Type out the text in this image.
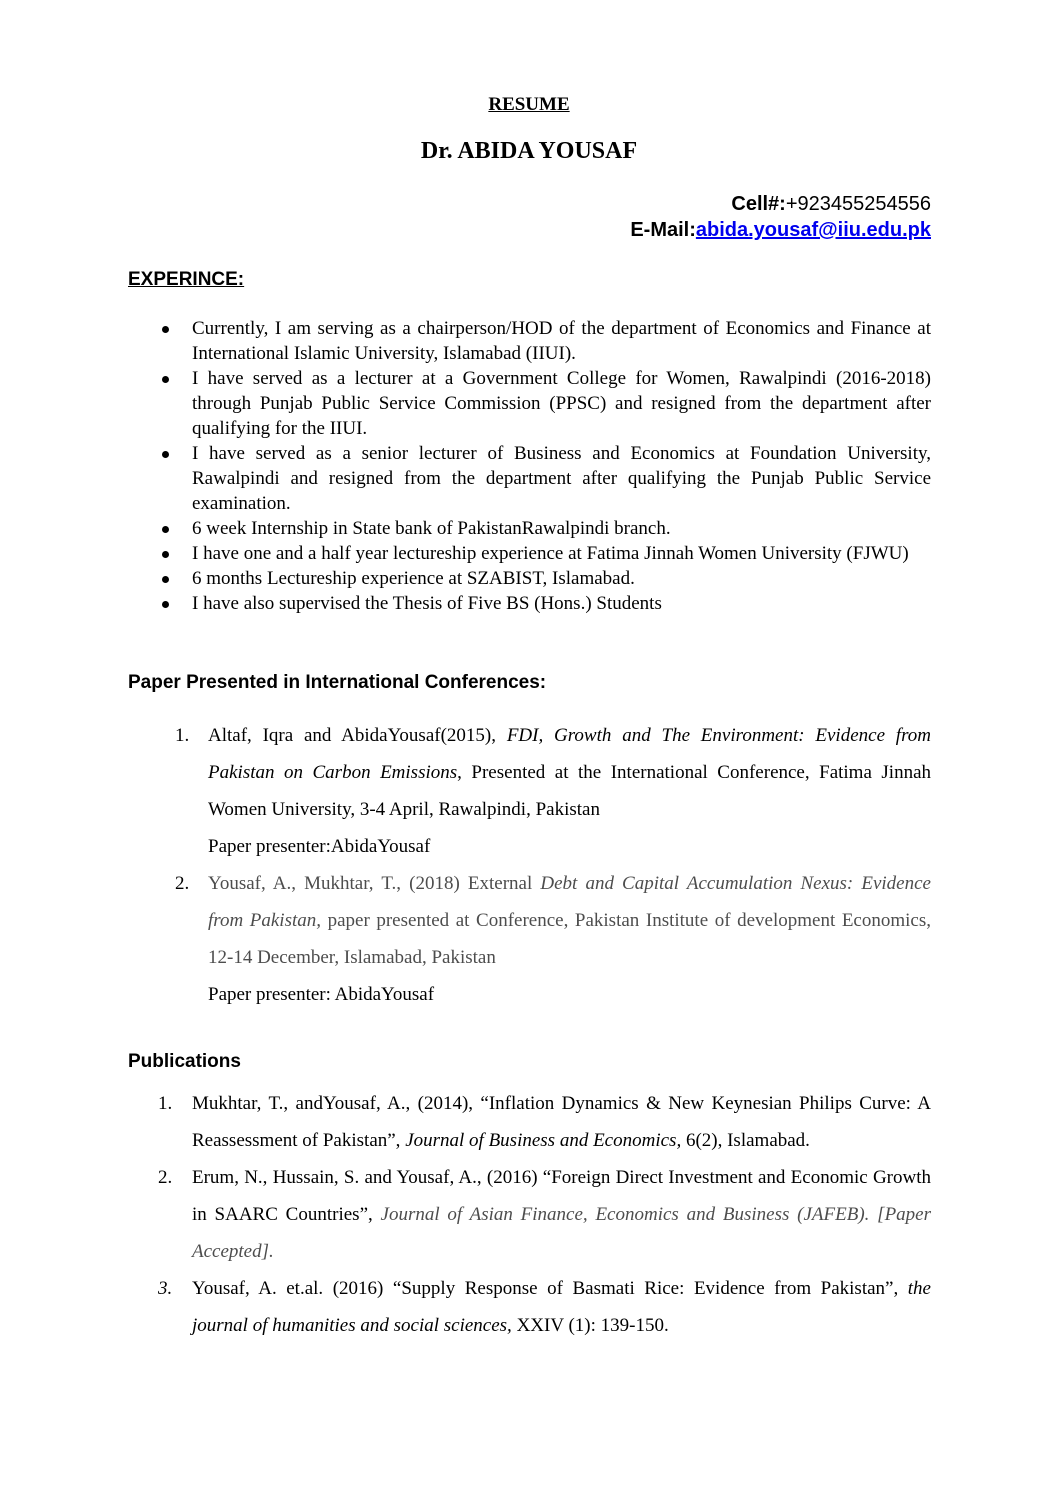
RESUME
Dr. ABIDA YOUSAF
Cell#:+923455254556
E-Mail:abida.yousaf@iiu.edu.pk
EXPERINCE:
Currently, I am serving as a chairperson/HOD of the department of Economics and Finance at International Islamic University, Islamabad (IIUI).
I have served as a lecturer at a Government College for Women, Rawalpindi (2016-2018) through Punjab Public Service Commission (PPSC) and resigned from the department after qualifying for the IIUI.
I have served as a senior lecturer of Business and Economics at Foundation University, Rawalpindi and resigned from the department after qualifying the Punjab Public Service examination.
6 week Internship in State bank of PakistanRawalpindi branch.
I have one and a half year lectureship experience at Fatima Jinnah Women University (FJWU)
6 months Lectureship experience at SZABIST, Islamabad.
I have also supervised the Thesis of Five BS (Hons.) Students
Paper Presented in International Conferences:
1. Altaf, Iqra and AbidaYousaf(2015), FDI, Growth and The Environment: Evidence from Pakistan on Carbon Emissions, Presented at the International Conference, Fatima Jinnah Women University, 3-4 April, Rawalpindi, Pakistan
Paper presenter:AbidaYousaf
2. Yousaf, A., Mukhtar, T., (2018) External Debt and Capital Accumulation Nexus: Evidence from Pakistan, paper presented at Conference, Pakistan Institute of development Economics, 12-14 December, Islamabad, Pakistan
Paper presenter: AbidaYousaf
Publications
1. Mukhtar, T., andYousaf, A., (2014), “Inflation Dynamics & New Keynesian Philips Curve: A Reassessment of Pakistan”, Journal of Business and Economics, 6(2), Islamabad.
2. Erum, N., Hussain, S. and Yousaf, A., (2016) “Foreign Direct Investment and Economic Growth in SAARC Countries”, Journal of Asian Finance, Economics and Business (JAFEB). [Paper Accepted].
3. Yousaf, A. et.al. (2016) “Supply Response of Basmati Rice: Evidence from Pakistan”, the journal of humanities and social sciences, XXIV (1): 139-150.
